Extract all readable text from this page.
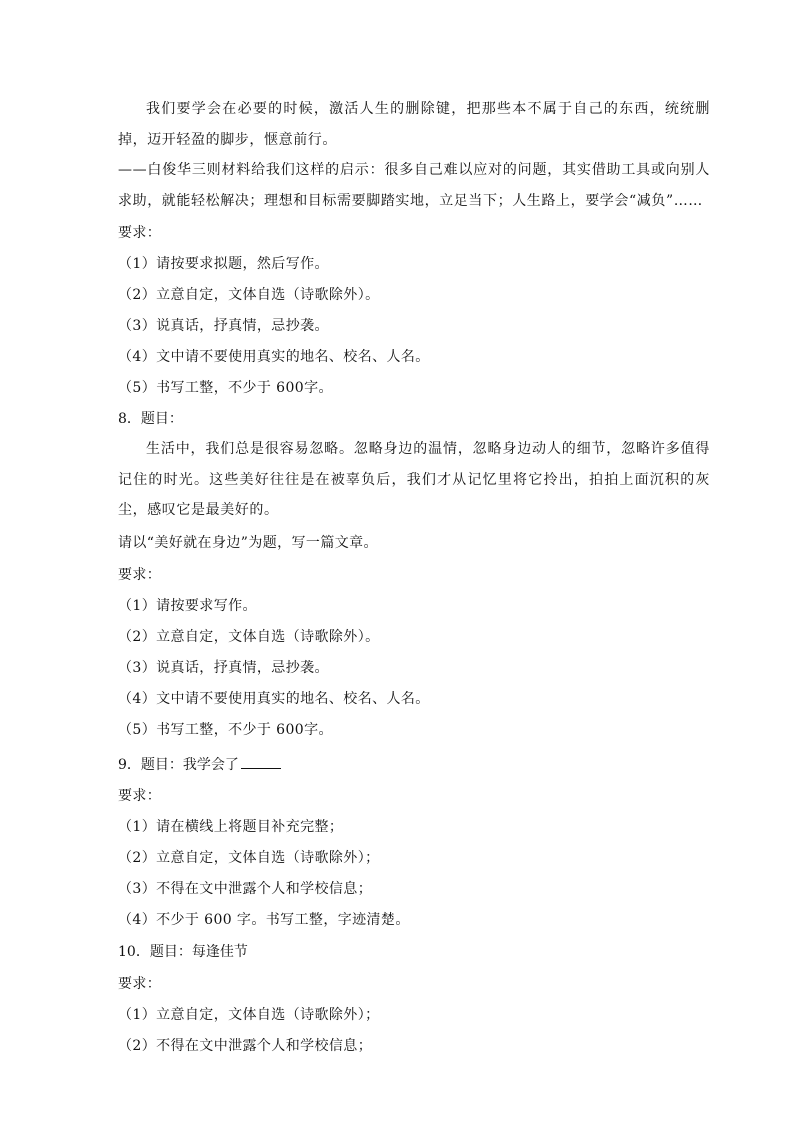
我们要学会在必要的时候，激活人生的删除键，把那些本不属于自己的东西，统统删掉，迈开轻盈的脚步，惬意前行。

——白俊华三则材料给我们这样的启示：很多自己难以应对的问题，其实借助工具或向别人求助，就能轻松解决；理想和目标需要脚踏实地，立足当下；人生路上，要学会“减负”……

要求：

（1）请按要求拟题，然后写作。

（2）立意自定，文体自选（诗歌除外）。

（3）说真话，抒真情，忌抄袭。

（4）文中请不要使用真实的地名、校名、人名。

（5）书写工整，不少于 600字。

8．题目：

生活中，我们总是很容易忽略。忽略身边的温情，忽略身边动人的细节，忽略许多值得记住的时光。这些美好往往是在被辜负后，我们才从记忆里将它拎出，拍拍上面沉积的灰尘，感叹它是最美好的。

请以“美好就在身边”为题，写一篇文章。

要求：

（1）请按要求写作。

（2）立意自定，文体自选（诗歌除外）。

（3）说真话，抒真情，忌抄袭。

（4）文中请不要使用真实的地名、校名、人名。

（5）书写工整，不少于 600字。

9．题目：我学会了

要求：

（1）请在横线上将题目补充完整；

（2）立意自定，文体自选（诗歌除外）；

（3）不得在文中泄露个人和学校信息；

（4）不少于 600 字。书写工整，字迹清楚。

10．题目：每逢佳节

要求：

（1）立意自定，文体自选（诗歌除外）；

（2）不得在文中泄露个人和学校信息；
